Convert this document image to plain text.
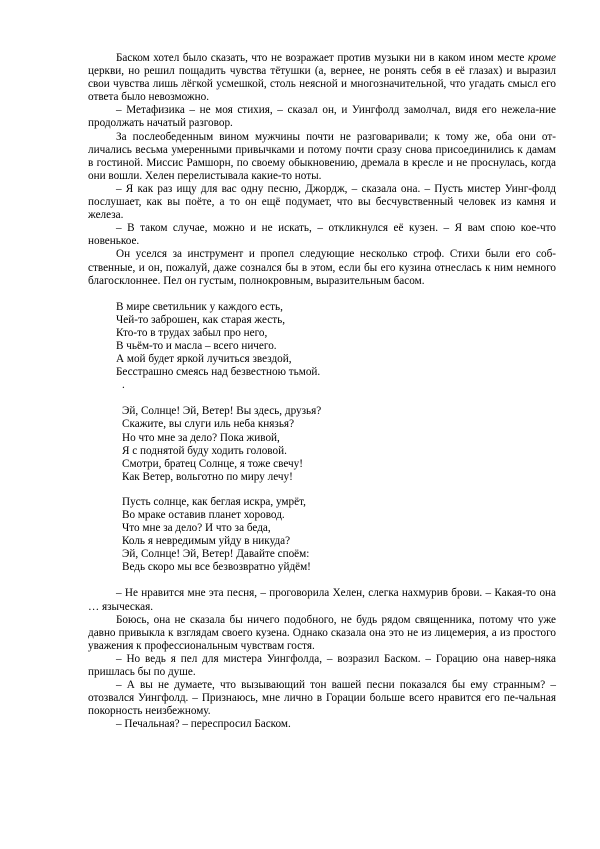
Баском хотел было сказать, что не возражает против музыки ни в каком ином месте кроме церкви, но решил пощадить чувства тётушки (а, вернее, не ронять себя в её глазах) и выразил свои чувства лишь лёгкой усмешкой, столь неясной и многозначительной, что угадать смысл его ответа было невозможно.

– Метафизика – не моя стихия, – сказал он, и Уингфолд замолчал, видя его нежела-ние продолжать начатый разговор.

За послеобеденным вином мужчины почти не разговаривали; к тому же, оба они от-личались весьма умеренными привычками и потому почти сразу снова присоединились к дамам в гостиной. Миссис Рамшорн, по своему обыкновению, дремала в кресле и не проснулась, когда они вошли. Хелен перелистывала какие-то ноты.

– Я как раз ищу для вас одну песню, Джордж, – сказала она. – Пусть мистер Уинг-фолд послушает, как вы поёте, а то он ещё подумает, что вы бесчувственный человек из камня и железа.

– В таком случае, можно и не искать, – откликнулся её кузен. – Я вам спою кое-что новенькое.

Он уселся за инструмент и пропел следующие несколько строф. Стихи были его соб-ственные, и он, пожалуй, даже сознался бы в этом, если бы его кузина отнеслась к ним немного благосклоннее. Пел он густым, полнокровным, выразительным басом.

В мире светильник у каждого есть,
Чей-то заброшен, как старая жесть,
Кто-то в трудах забыл про него,
В чьём-то и масла – всего ничего.
А мой будет яркой лучиться звездой,
Бесстрашно смеясь над безвестною тьмой.
.
Эй, Солнце! Эй, Ветер! Вы здесь, друзья?
Скажите, вы слуги иль неба князья?
Но что мне за дело? Пока живой,
Я с поднятой буду ходить головой.
Смотри, братец Солнце, я тоже свечу!
Как Ветер, вольготно по миру лечу!
Пусть солнце, как беглая искра, умрёт,
Во мраке оставив планет хоровод.
Что мне за дело? И что за беда,
Коль я невредимым уйду в никуда?
Эй, Солнце! Эй, Ветер! Давайте споём:
Ведь скоро мы все безвозвратно уйдём!

– Не нравится мне эта песня, – проговорила Хелен, слегка нахмурив брови. – Какая-то она … языческая.

Боюсь, она не сказала бы ничего подобного, не будь рядом священника, потому что уже давно привыкла к взглядам своего кузена. Однако сказала она это не из лицемерия, а из простого уважения к профессиональным чувствам гостя.

– Но ведь я пел для мистера Уингфолда, – возразил Баском. – Горацию она навер-няка пришлась бы по душе.

– А вы не думаете, что вызывающий тон вашей песни показался бы ему странным? – отозвался Уингфолд. – Признаюсь, мне лично в Горации больше всего нравится его пе-чальная покорность неизбежному.

– Печальная? – переспросил Баском.
